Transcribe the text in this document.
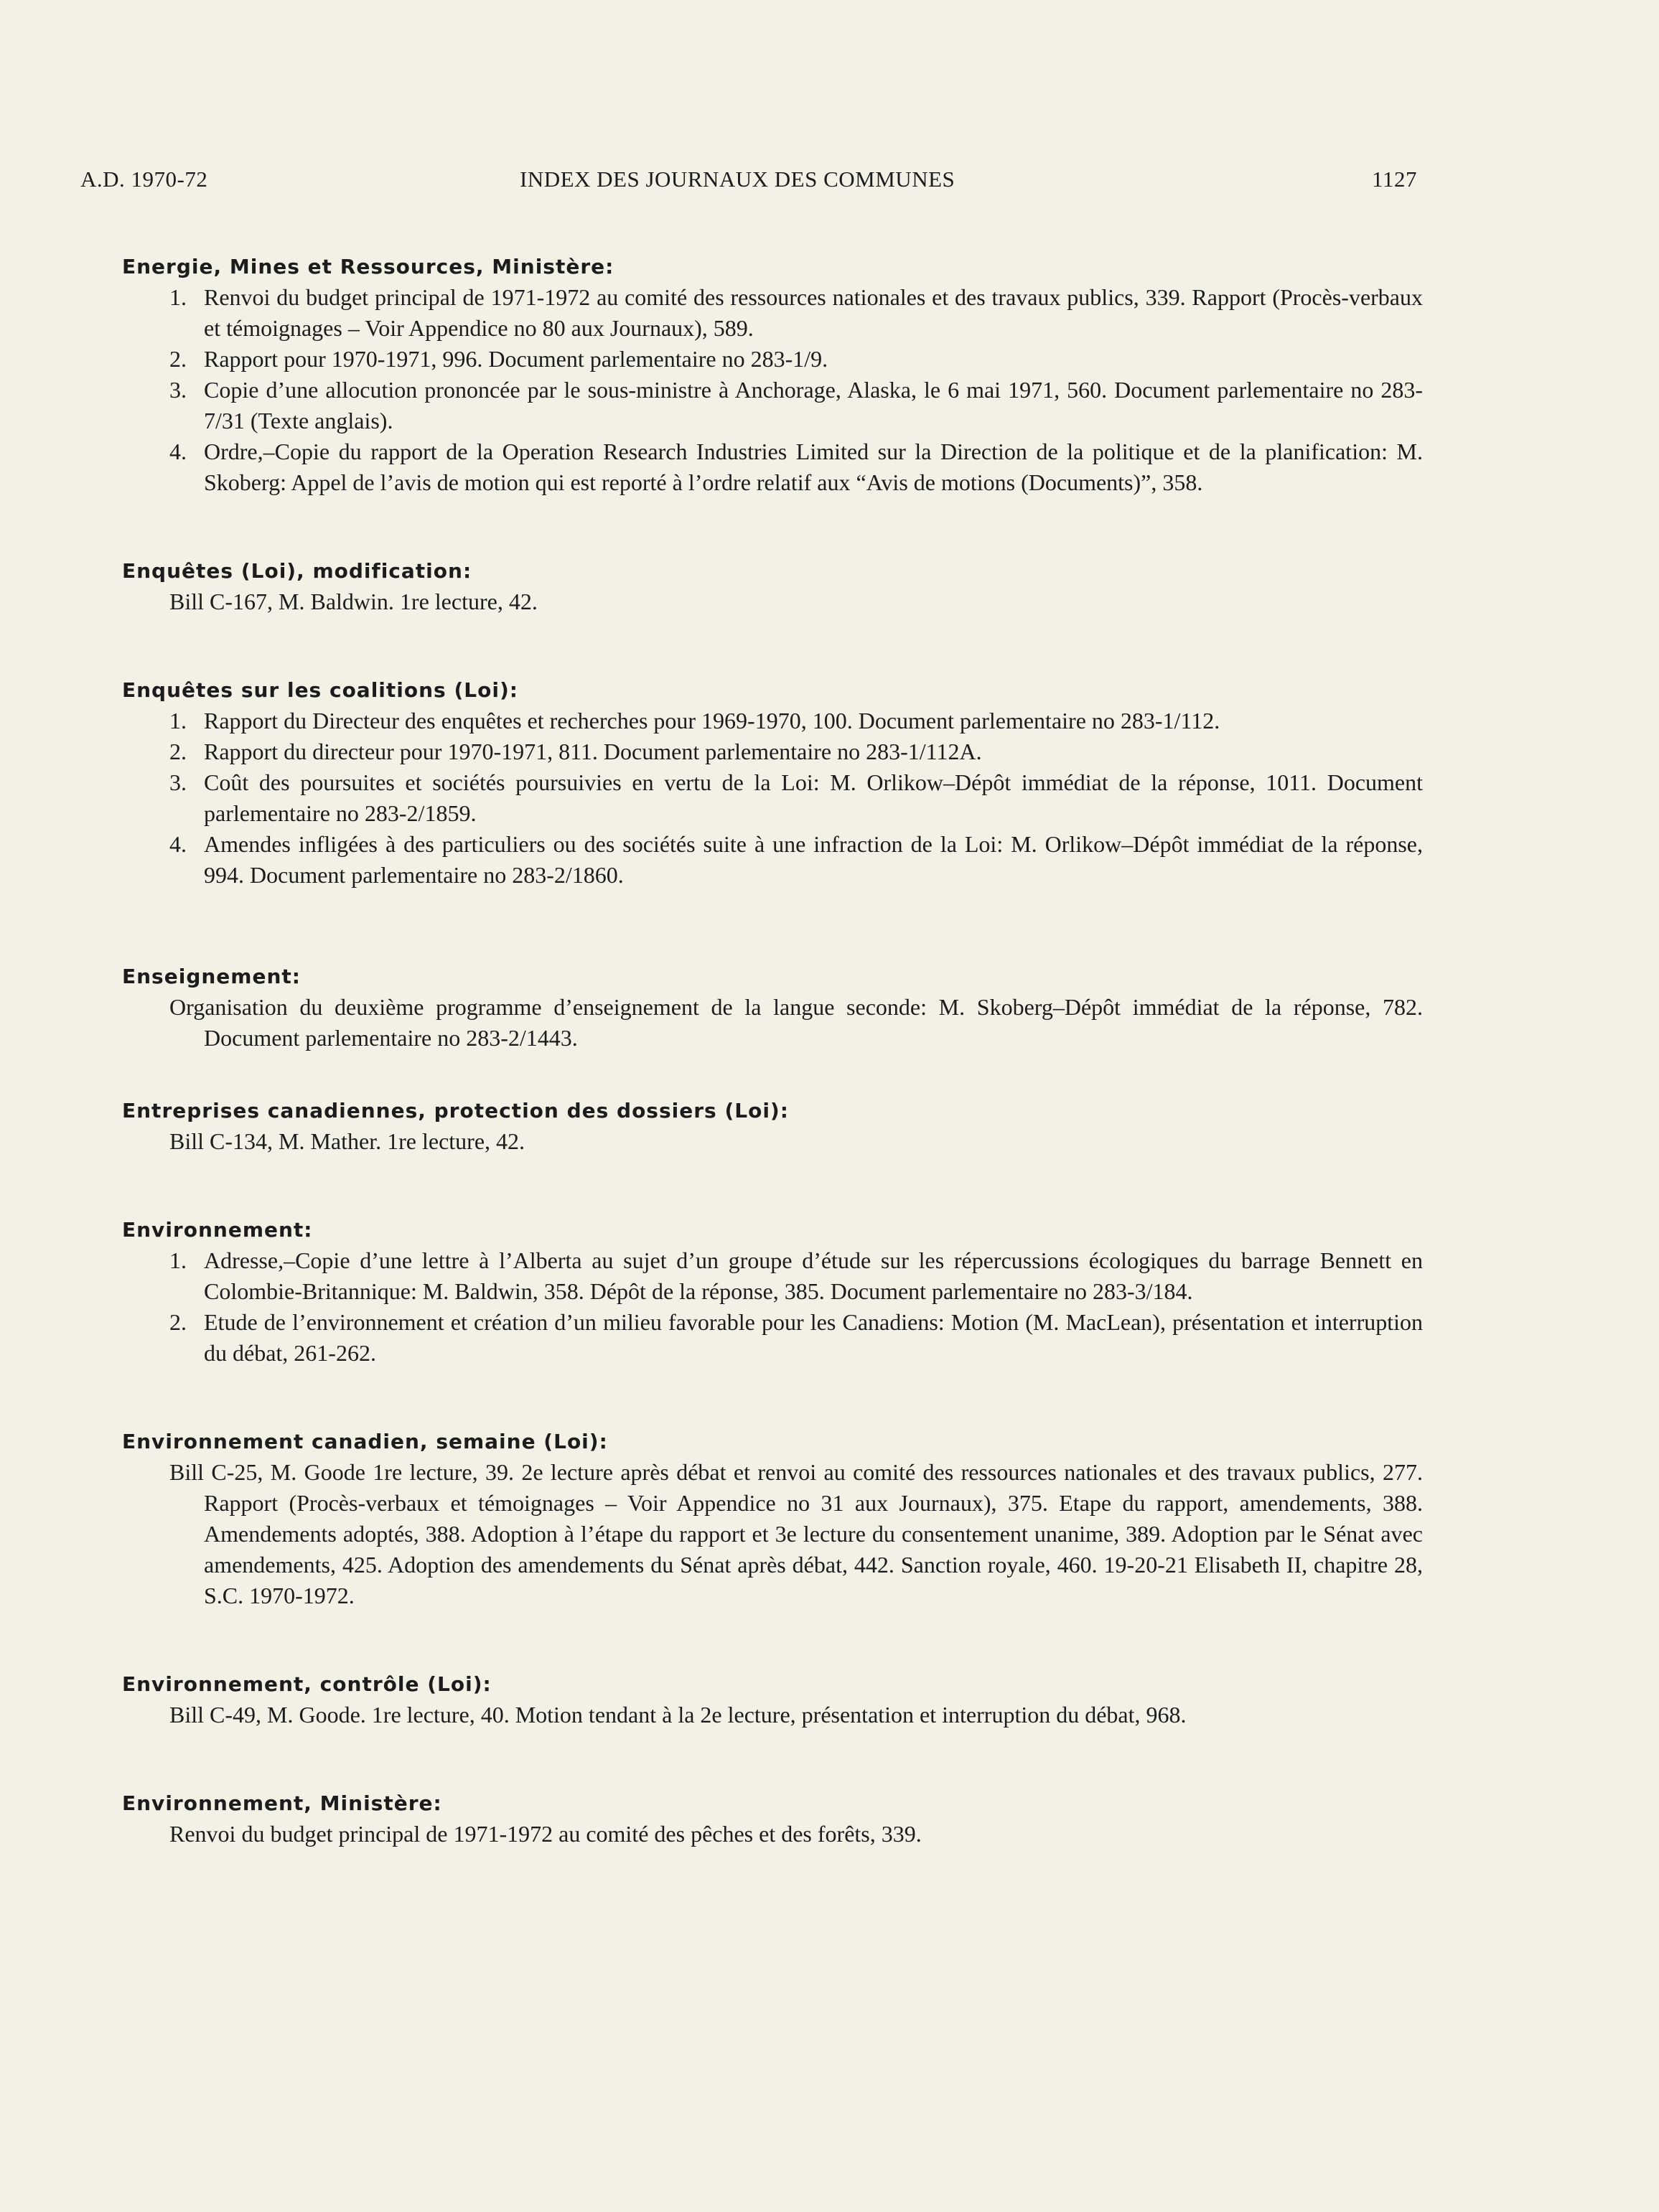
A.D. 1970-72	INDEX DES JOURNAUX DES COMMUNES	1127
Energie, Mines et Ressources, Ministère:
1. Renvoi du budget principal de 1971-1972 au comité des ressources nationales et des travaux publics, 339. Rapport (Procès-verbaux et témoignages – Voir Appendice no 80 aux Journaux), 589.
2. Rapport pour 1970-1971, 996. Document parlementaire no 283-1/9.
3. Copie d’une allocution prononcée par le sous-ministre à Anchorage, Alaska, le 6 mai 1971, 560. Document parlementaire no 283-7/31 (Texte anglais).
4. Ordre,–Copie du rapport de la Operation Research Industries Limited sur la Direction de la politique et de la planification: M. Skoberg: Appel de l’avis de motion qui est reporté à l’ordre relatif aux “Avis de motions (Documents)”, 358.
Enquêtes (Loi), modification:
Bill C-167, M. Baldwin. 1re lecture, 42.
Enquêtes sur les coalitions (Loi):
1. Rapport du Directeur des enquêtes et recherches pour 1969-1970, 100. Document parlementaire no 283-1/112.
2. Rapport du directeur pour 1970-1971, 811. Document parlementaire no 283-1/112A.
3. Coût des poursuites et sociétés poursuivies en vertu de la Loi: M. Orlikow–Dépôt immédiat de la réponse, 1011. Document parlementaire no 283-2/1859.
4. Amendes infligées à des particuliers ou des sociétés suite à une infraction de la Loi: M. Orlikow–Dépôt immédiat de la réponse, 994. Document parlementaire no 283-2/1860.
Enseignement:
Organisation du deuxième programme d’enseignement de la langue seconde: M. Skoberg–Dépôt immédiat de la réponse, 782. Document parlementaire no 283-2/1443.
Entreprises canadiennes, protection des dossiers (Loi):
Bill C-134, M. Mather. 1re lecture, 42.
Environnement:
1. Adresse,–Copie d’une lettre à l’Alberta au sujet d’un groupe d’étude sur les répercussions écologiques du barrage Bennett en Colombie-Britannique: M. Baldwin, 358. Dépôt de la réponse, 385. Document parlementaire no 283-3/184.
2. Etude de l’environnement et création d’un milieu favorable pour les Canadiens: Motion (M. MacLean), présentation et interruption du débat, 261-262.
Environnement canadien, semaine (Loi):
Bill C-25, M. Goode 1re lecture, 39. 2e lecture après débat et renvoi au comité des ressources nationales et des travaux publics, 277. Rapport (Procès-verbaux et témoignages – Voir Appendice no 31 aux Journaux), 375. Etape du rapport, amendements, 388. Amendements adoptés, 388. Adoption à l’étape du rapport et 3e lecture du consentement unanime, 389. Adoption par le Sénat avec amendements, 425. Adoption des amendements du Sénat après débat, 442. Sanction royale, 460. 19-20-21 Elisabeth II, chapitre 28, S.C. 1970-1972.
Environnement, contrôle (Loi):
Bill C-49, M. Goode. 1re lecture, 40. Motion tendant à la 2e lecture, présentation et interruption du débat, 968.
Environnement, Ministère:
Renvoi du budget principal de 1971-1972 au comité des pêches et des forêts, 339.
